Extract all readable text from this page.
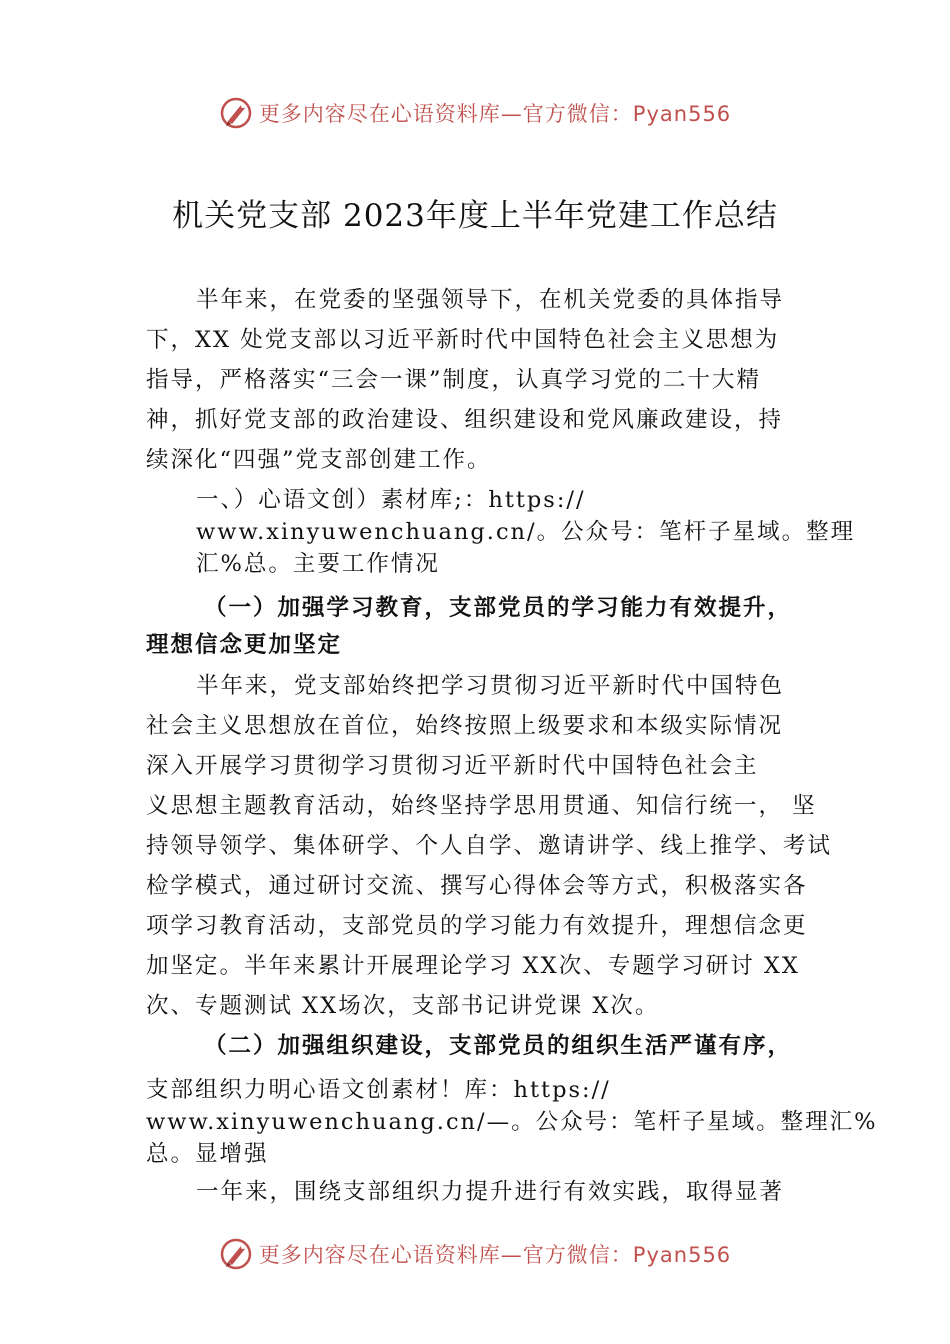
更多内容尽在心语资料库—官方微信：Pyan556
机关党支部 2023年度上半年党建工作总结
半年来，在党委的坚强领导下，在机关党委的具体指导
下，XX 处党支部以习近平新时代中国特色社会主义思想为
指导，严格落实“三会一课”制度，认真学习党的二十大精
神，抓好党支部的政治建设、组织建设和党风廉政建设，持
续深化“四强”党支部创建工作。
一、）心语文创）素材库;：https://
www.xinyuwenchuang.cn/。公众号：笔杆子星域。整理
汇%总。主要工作情况
（一）加强学习教育，支部党员的学习能力有效提升，
理想信念更加坚定
半年来，党支部始终把学习贯彻习近平新时代中国特色
社会主义思想放在首位，始终按照上级要求和本级实际情况
深入开展学习贯彻学习贯彻习近平新时代中国特色社会主
义思想主题教育活动，始终坚持学思用贯通、知信行统一， 坚
持领导领学、集体研学、个人自学、邀请讲学、线上推学、考试
检学模式，通过研讨交流、撰写心得体会等方式，积极落实各
项学习教育活动，支部党员的学习能力有效提升，理想信念更
加坚定。半年来累计开展理论学习 XX次、专题学习研讨 XX
次、专题测试 XX场次，支部书记讲党课 X次。
（二）加强组织建设，支部党员的组织生活严谨有序，
支部组织力明心语文创素材！库：https://
www.xinyuwenchuang.cn/—。公众号：笔杆子星域。整理汇%
总。显增强
一年来，围绕支部组织力提升进行有效实践，取得显著
更多内容尽在心语资料库—官方微信：Pyan556
